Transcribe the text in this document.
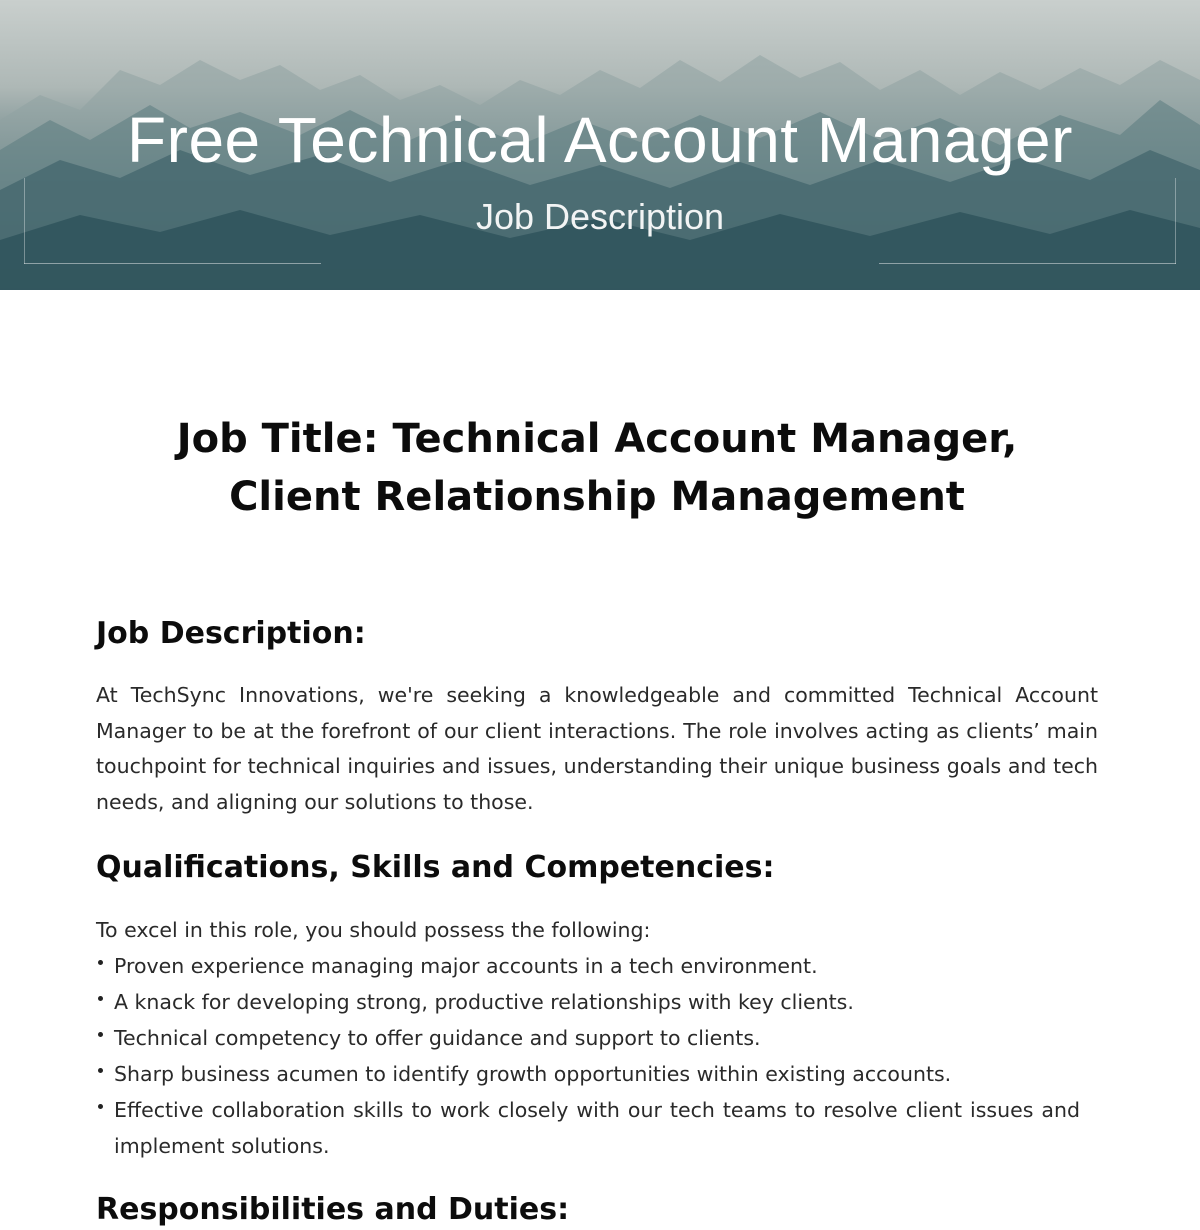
Free Technical Account Manager
Job Description
Job Title: Technical Account Manager,
Client Relationship Management
Job Description:

At TechSync Innovations, we're seeking a knowledgeable and committed Technical Account Manager to be at the forefront of our client interactions. The role involves acting as clients’ main touchpoint for technical inquiries and issues, understanding their unique business goals and tech needs, and aligning our solutions to those.

Qualifications, Skills and Competencies:
To excel in this role, you should possess the following:
Proven experience managing major accounts in a tech environment.
A knack for developing strong, productive relationships with key clients.
Technical competency to offer guidance and support to clients.
Sharp business acumen to identify growth opportunities within existing accounts.
Effective collaboration skills to work closely with our tech teams to resolve client issues and implement solutions.
Responsibilities and Duties:
